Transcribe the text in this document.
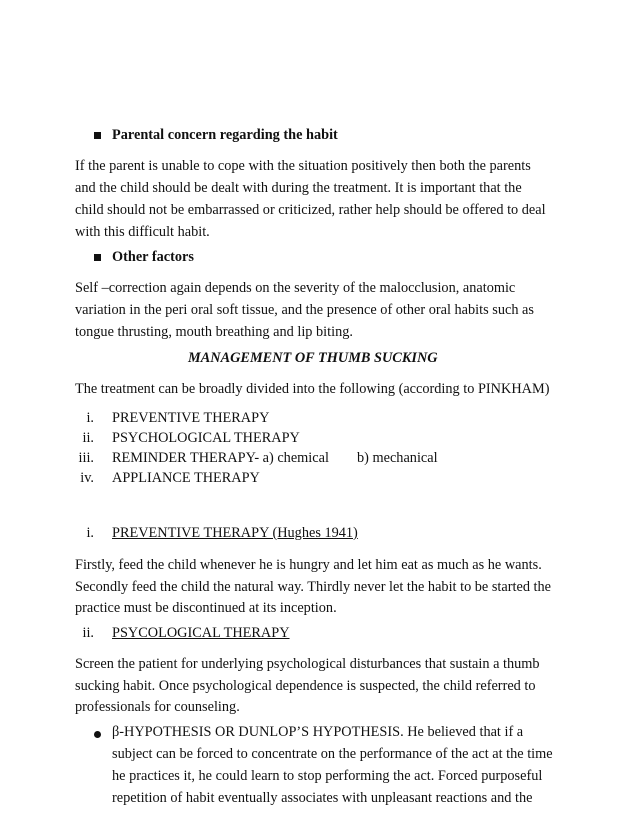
Parental concern regarding the habit
If the parent is unable to cope with the situation positively then both the parents
and the child should be dealt with during the treatment. It is important that the
child should not be embarrassed or criticized, rather help should be offered to deal
with this difficult habit.
Other factors
Self –correction again depends on the severity of the malocclusion, anatomic
variation in the peri oral soft tissue, and the presence of other oral habits such as
tongue thrusting, mouth breathing and lip biting.
MANAGEMENT OF THUMB SUCKING
The treatment can be broadly divided into the following (according to PINKHAM)
i. PREVENTIVE THERAPY
ii. PSYCHOLOGICAL THERAPY
iii. REMINDER THERAPY- a) chemical b) mechanical
iv. APPLIANCE THERAPY
i. PREVENTIVE THERAPY (Hughes 1941)
Firstly, feed the child whenever he is hungry and let him eat as much as he wants.
Secondly feed the child the natural way. Thirdly never let the habit to be started the
practice must be discontinued at its inception.
ii. PSYCOLOGICAL THERAPY
Screen the patient for underlying psychological disturbances that sustain a thumb
sucking habit. Once psychological dependence is suspected, the child referred to
professionals for counseling.
β-HYPOTHESIS OR DUNLOP’S HYPOTHESIS. He believed that if a
subject can be forced to concentrate on the performance of the act at the time
he practices it, he could learn to stop performing the act. Forced purposeful
repetition of habit eventually associates with unpleasant reactions and the
